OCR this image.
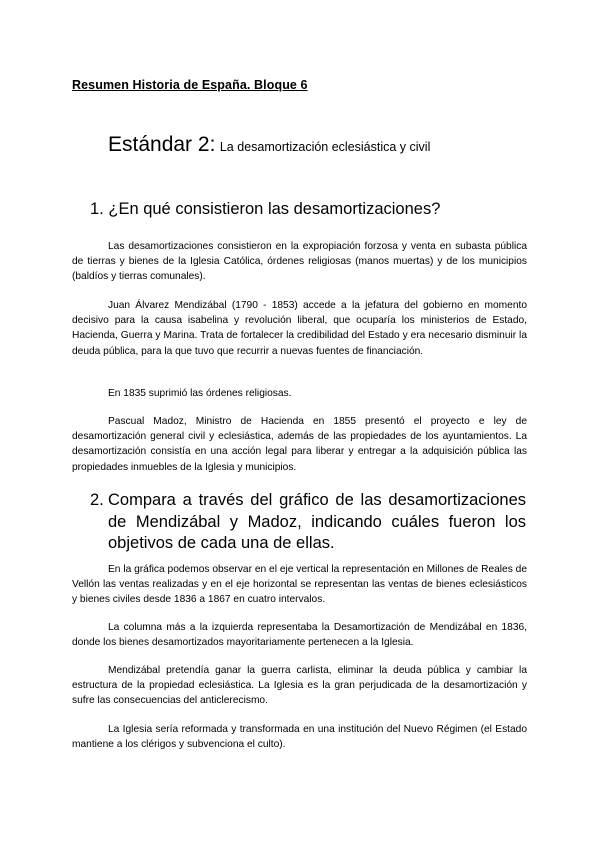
Resumen Historia de España. Bloque 6
Estándar 2: La desamortización eclesiástica y civil
1. ¿En qué consistieron las desamortizaciones?

Las desamortizaciones consistieron en la expropiación forzosa y venta en subasta pública de tierras y bienes de la Iglesia Católica, órdenes religiosas (manos muertas) y de los municipios (baldíos y tierras comunales).

Juan Álvarez Mendizábal (1790 - 1853) accede a la jefatura del gobierno en momento decisivo para la causa isabelina y revolución liberal, que ocuparía los ministerios de Estado, Hacienda, Guerra y Marina. Trata de fortalecer la credibilidad del Estado y era necesario disminuir la deuda pública, para la que tuvo que recurrir a nuevas fuentes de financiación.

En 1835 suprimió las órdenes religiosas.

Pascual Madoz, Ministro de Hacienda en 1855 presentó el proyecto e ley de desamortización general civil y eclesiástica, además de las propiedades de los ayuntamientos. La desamortización consistía en una acción legal para liberar y entregar a la adquisición pública las propiedades inmuebles de la Iglesia y municipios.

2. Compara a través del gráfico de las desamortizaciones de Mendizábal y Madoz, indicando cuáles fueron los objetivos de cada una de ellas.

En la gráfica podemos observar en el eje vertical la representación en Millones de Reales de Vellón las ventas realizadas y en el eje horizontal se representan las ventas de bienes eclesiásticos y bienes civiles desde 1836 a 1867 en cuatro intervalos.

La columna más a la izquierda representaba la Desamortización de Mendizábal en 1836, donde los bienes desamortizados mayoritariamente pertenecen a la Iglesia.

Mendizábal pretendía ganar la guerra carlista, eliminar la deuda pública y cambiar la estructura de la propiedad eclesiástica. La Iglesia es la gran perjudicada de la desamortización y sufre las consecuencias del anticlerecismo.

La Iglesia sería reformada y transformada en una institución del Nuevo Régimen (el Estado mantiene a los clérigos y subvenciona el culto).
